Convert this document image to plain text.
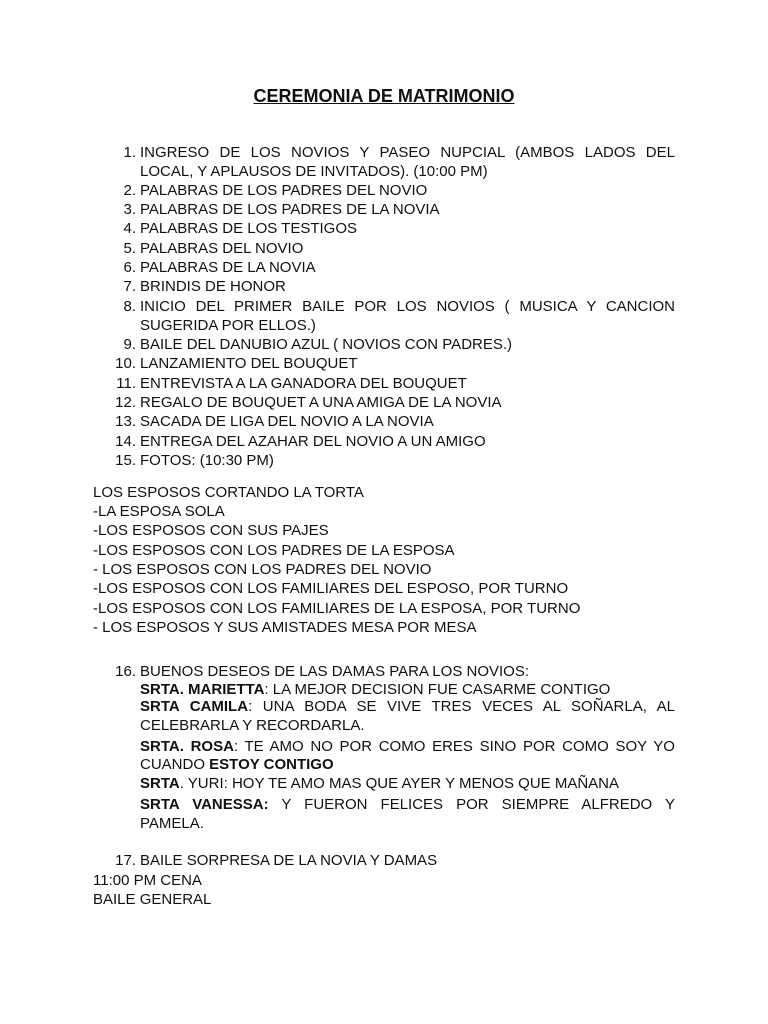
CEREMONIA DE MATRIMONIO
1. INGRESO DE LOS NOVIOS Y PASEO NUPCIAL (AMBOS LADOS DEL
LOCAL, Y APLAUSOS DE INVITADOS). (10:00 PM)
2. PALABRAS DE LOS PADRES DEL NOVIO
3. PALABRAS DE LOS PADRES DE LA NOVIA
4. PALABRAS DE LOS TESTIGOS
5. PALABRAS DEL NOVIO
6. PALABRAS DE LA NOVIA
7. BRINDIS DE HONOR
8. INICIO DEL PRIMER BAILE POR LOS NOVIOS ( MUSICA Y CANCION
SUGERIDA POR ELLOS.)
9. BAILE DEL DANUBIO AZUL ( NOVIOS CON PADRES.)
10. LANZAMIENTO DEL BOUQUET
11. ENTREVISTA A LA GANADORA DEL BOUQUET
12. REGALO DE BOUQUET A UNA AMIGA DE LA NOVIA
13. SACADA DE LIGA DEL NOVIO A LA NOVIA
14. ENTREGA DEL AZAHAR DEL NOVIO A UN AMIGO
15. FOTOS: (10:30 PM)
LOS ESPOSOS CORTANDO LA TORTA
-LA ESPOSA SOLA
-LOS ESPOSOS CON SUS PAJES
-LOS ESPOSOS CON LOS PADRES DE LA ESPOSA
- LOS ESPOSOS CON LOS PADRES DEL NOVIO
-LOS ESPOSOS CON LOS FAMILIARES DEL ESPOSO, POR TURNO
-LOS ESPOSOS CON LOS FAMILIARES DE LA ESPOSA, POR TURNO
- LOS ESPOSOS Y SUS AMISTADES MESA POR MESA
16. BUENOS DESEOS DE LAS DAMAS PARA LOS NOVIOS:
SRTA. MARIETTA: LA MEJOR DECISION FUE CASARME CONTIGO
SRTA CAMILA: UNA BODA SE VIVE TRES VECES AL SOÑARLA, AL
CELEBRARLA Y RECORDARLA.
SRTA. ROSA: TE AMO NO POR COMO ERES SINO POR COMO SOY YO
CUANDO ESTOY CONTIGO
SRTA. YURI: HOY TE AMO MAS QUE AYER Y MENOS QUE MAÑANA
SRTA VANESSA: Y FUERON FELICES POR SIEMPRE ALFREDO Y
PAMELA.
17. BAILE SORPRESA DE LA NOVIA Y DAMAS
11:00 PM CENA
BAILE GENERAL
